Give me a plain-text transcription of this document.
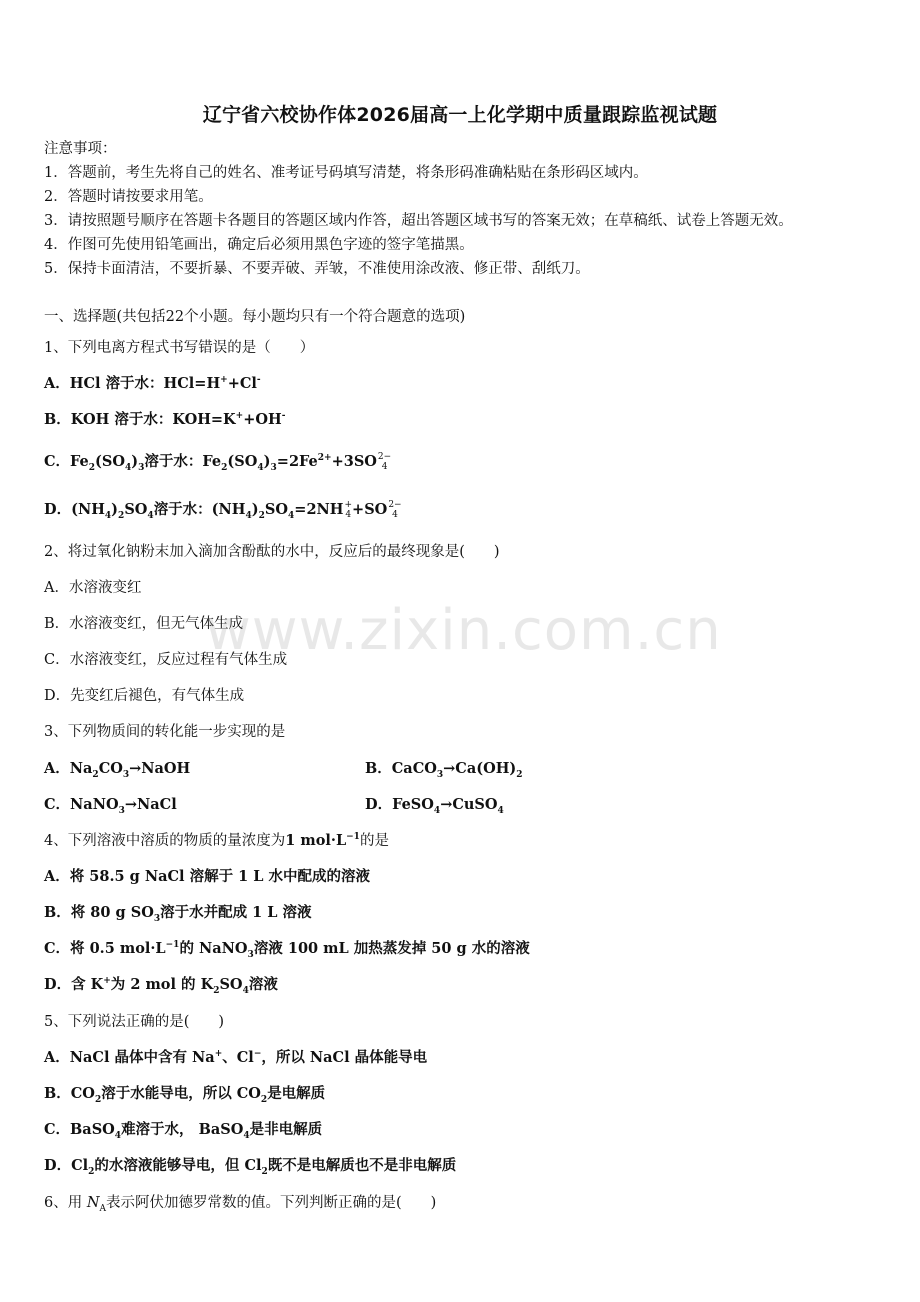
辽宁省六校协作体2026届高一上化学期中质量跟踪监视试题
注意事项：
1．答题前，考生先将自己的姓名、准考证号码填写清楚，将条形码准确粘贴在条形码区域内。
2．答题时请按要求用笔。
3．请按照题号顺序在答题卡各题目的答题区域内作答，超出答题区域书写的答案无效；在草稿纸、试卷上答题无效。
4．作图可先使用铅笔画出，确定后必须用黑色字迹的签字笔描黑。
5．保持卡面清洁，不要折暴、不要弄破、弄皱，不准使用涂改液、修正带、刮纸刀。
一、选择题(共包括22个小题。每小题均只有一个符合题意的选项)
1、下列电离方程式书写错误的是（　　）
A．HCl 溶于水：HCl=H++Cl-
B．KOH 溶于水：KOH=K++OH-
C．$Fe_2(SO_4)_3$溶于水：$Fe_2(SO_4)_3=2Fe^{2+}+3SO$ 2−
4
D．$(NH_4)_2SO_4$溶于水：$(NH_4)_2SO_4=2NH$ +
4 +SO 2−
4
2、将过氧化钠粉末加入滴加含酚酞的水中，反应后的最终现象是(　　)
A．水溶液变红
B．水溶液变红，但无气体生成
C．水溶液变红，反应过程有气体生成
D．先变红后褪色，有气体生成
3、下列物质间的转化能一步实现的是
A．$Na_2CO_3\to NaOH$	B．$CaCO_3\to Ca(OH)_2$
C．NaNO$_3$→NaCl	D．FeSO$_4$→CuSO$_4$
4、下列溶液中溶质的物质的量浓度为1 $mol\cdot L^{-1}$的是
A．将 58.5 g NaCl 溶解于 1 L 水中配成的溶液
B．将 80 g $SO_3$溶于水并配成 1 L 溶液
C．将 0.5 $mol\cdot L^{-1}$的 NaNO$_3$溶液 100 mL 加热蒸发掉 50 g 水的溶液
D．含 K+为 2 mol 的 $K_2SO_4$溶液
5、下列说法正确的是(　　)
A．NaCl 晶体中含有 Na+、Cl−，所以 NaCl 晶体能导电
B．$CO_2$溶于水能导电，所以 $CO_2$是电解质
C．BaSO$_4$难溶于水， BaSO$_4$是非电解质
D．$Cl_2$的水溶液能够导电，但 $Cl_2$既不是电解质也不是非电解质
6、用 $N_A$表示阿伏加德罗常数的值。下列判断正确的是(　　)
www.zixin.com.cn
